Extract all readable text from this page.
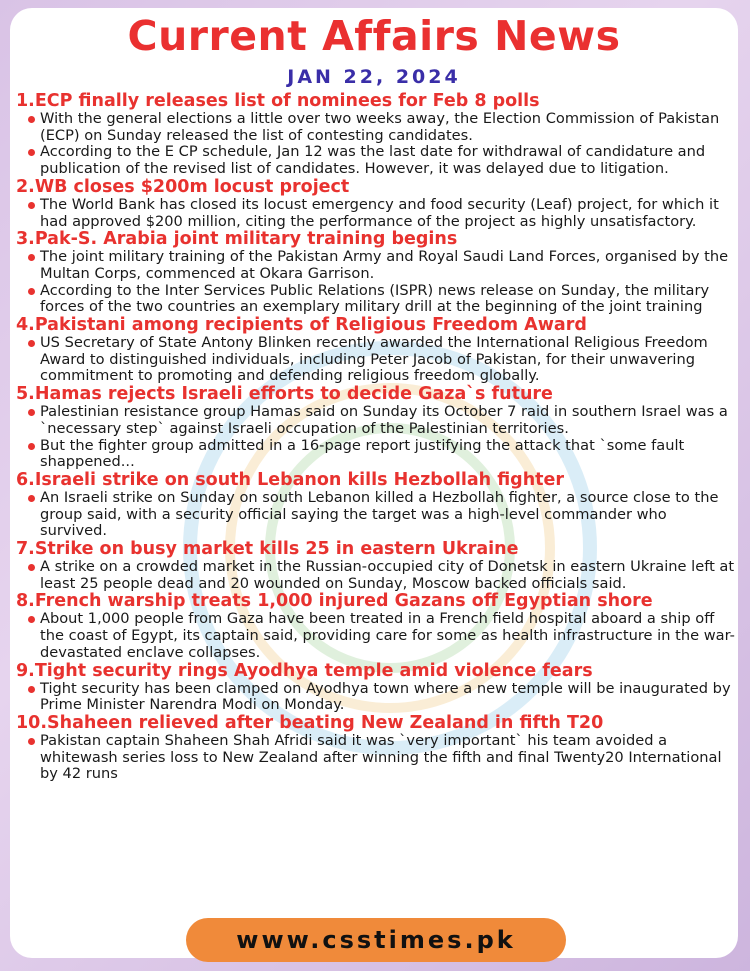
Current Affairs News
JAN 22, 2024
1.ECP finally releases list of nominees for Feb 8 polls
With the general elections a little over two weeks away, the Election Commission of Pakistan (ECP) on Sunday released the list of contesting candidates.
According to the E CP schedule, Jan 12 was the last date for withdrawal of candidature and publication of the revised list of candidates. However, it was delayed due to litigation.
2.WB closes $200m locust project
The World Bank has closed its locust emergency and food security (Leaf) project, for which it had approved $200 million, citing the performance of the project as highly unsatisfactory.
3.Pak-S. Arabia joint military training begins
The joint military training of the Pakistan Army and Royal Saudi Land Forces, organised by the Multan Corps, commenced at Okara Garrison.
According to the Inter Services Public Relations (ISPR) news release on Sunday, the military forces of the two countries an exemplary military drill at the beginning of the joint training
4.Pakistani among recipients of Religious Freedom Award
US Secretary of State Antony Blinken recently awarded the International Religious Freedom Award to distinguished individuals, including Peter Jacob of Pakistan, for their unwavering commitment to promoting and defending religious freedom globally.
5.Hamas rejects Israeli efforts to decide Gaza`s future
Palestinian resistance group Hamas said on Sunday its October 7 raid in southern Israel was a `necessary step` against Israeli occupation of the Palestinian territories.
But the fighter group admitted in a 16-page report justifying the attack that `some fault shappened...
6.Israeli strike on south Lebanon kills Hezbollah fighter
An Israeli strike on Sunday on south Lebanon killed a Hezbollah fighter, a source close to the group said, with a security official saying the target was a high-level commander who survived.
7.Strike on busy market kills 25 in eastern Ukraine
A strike on a crowded market in the Russian-occupied city of Donetsk in eastern Ukraine left at least 25 people dead and 20 wounded on Sunday, Moscow backed officials said.
8.French warship treats 1,000 injured Gazans off Egyptian shore
About 1,000 people from Gaza have been treated in a French field hospital aboard a ship off the coast of Egypt, its captain said, providing care for some as health infrastructure in the war-devastated enclave collapses.
9.Tight security rings Ayodhya temple amid violence fears
Tight security has been clamped on Ayodhya town where a new temple will be inaugurated by Prime Minister Narendra Modi on Monday.
10.Shaheen relieved after beating New Zealand in fifth T20
Pakistan captain Shaheen Shah Afridi said it was `very important` his team avoided a whitewash series loss to New Zealand after winning the fifth and final Twenty20 International by 42 runs
www.csstimes.pk
